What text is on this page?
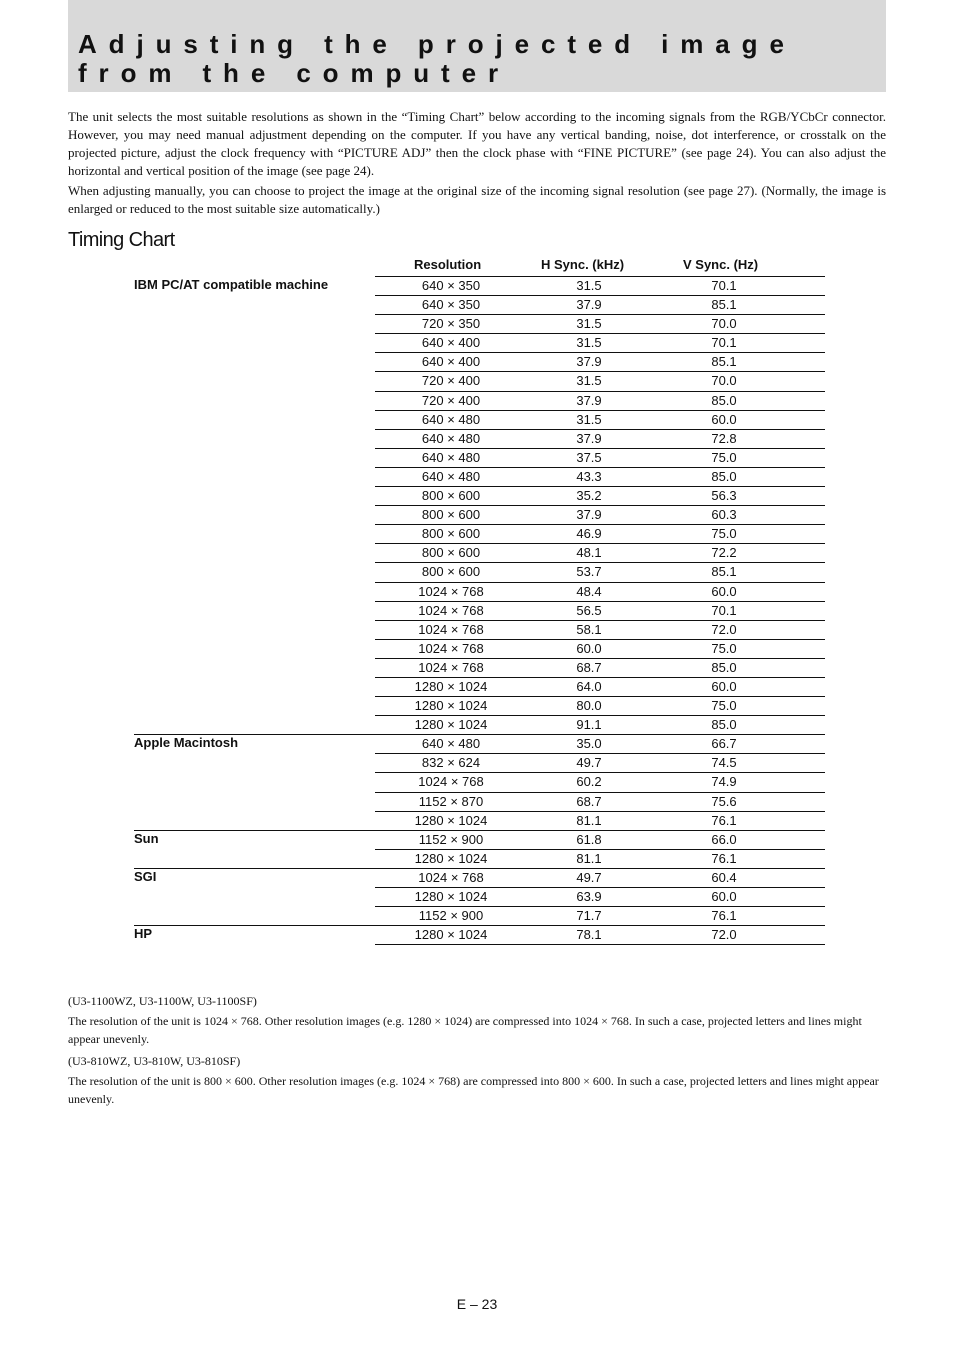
Adjusting the projected image from the computer

The unit selects the most suitable resolutions as shown in the “Timing Chart” below according to the incoming signals from the RGB/YCbCr connector. However, you may need manual adjustment depending on the computer. If you have any vertical banding, noise, dot interference, or crosstalk on the projected picture, adjust the clock frequency with “PICTURE ADJ” then the clock phase with “FINE PICTURE” (see page 24). You can also adjust the horizontal and vertical position of the image (see page 24).

When adjusting manually, you can choose to project the image at the original size of the incoming signal resolution (see page 27). (Normally, the image is enlarged or reduced to the most suitable size automatically.)

Timing Chart
Resolution	H Sync. (kHz)	V Sync. (Hz)
IBM PC/AT compatible machine	640 × 350	31.5	70.1
640 × 350	37.9	85.1
720 × 350	31.5	70.0
640 × 400	31.5	70.1
640 × 400	37.9	85.1
720 × 400	31.5	70.0
720 × 400	37.9	85.0
640 × 480	31.5	60.0
640 × 480	37.9	72.8
640 × 480	37.5	75.0
640 × 480	43.3	85.0
800 × 600	35.2	56.3
800 × 600	37.9	60.3
800 × 600	46.9	75.0
800 × 600	48.1	72.2
800 × 600	53.7	85.1
1024 × 768	48.4	60.0
1024 × 768	56.5	70.1
1024 × 768	58.1	72.0
1024 × 768	60.0	75.0
1024 × 768	68.7	85.0
1280 × 1024	64.0	60.0
1280 × 1024	80.0	75.0
1280 × 1024	91.1	85.0
Apple Macintosh	640 × 480	35.0	66.7
832 × 624	49.7	74.5
1024 × 768	60.2	74.9
1152 × 870	68.7	75.6
1280 × 1024	81.1	76.1
Sun	1152 × 900	61.8	66.0
1280 × 1024	81.1	76.1
SGI	1024 × 768	49.7	60.4
1280 × 1024	63.9	60.0
1152 × 900	71.7	76.1
HP	1280 × 1024	78.1	72.0
(U3-1100WZ, U3-1100W, U3-1100SF)
The resolution of the unit is 1024 × 768. Other resolution images (e.g. 1280 × 1024) are compressed into 1024 × 768. In such a case, projected letters and lines might appear unevenly.
(U3-810WZ, U3-810W, U3-810SF)
The resolution of the unit is 800 × 600. Other resolution images (e.g. 1024 × 768) are compressed into 800 × 600. In such a case, projected letters and lines might appear unevenly.
E – 23
